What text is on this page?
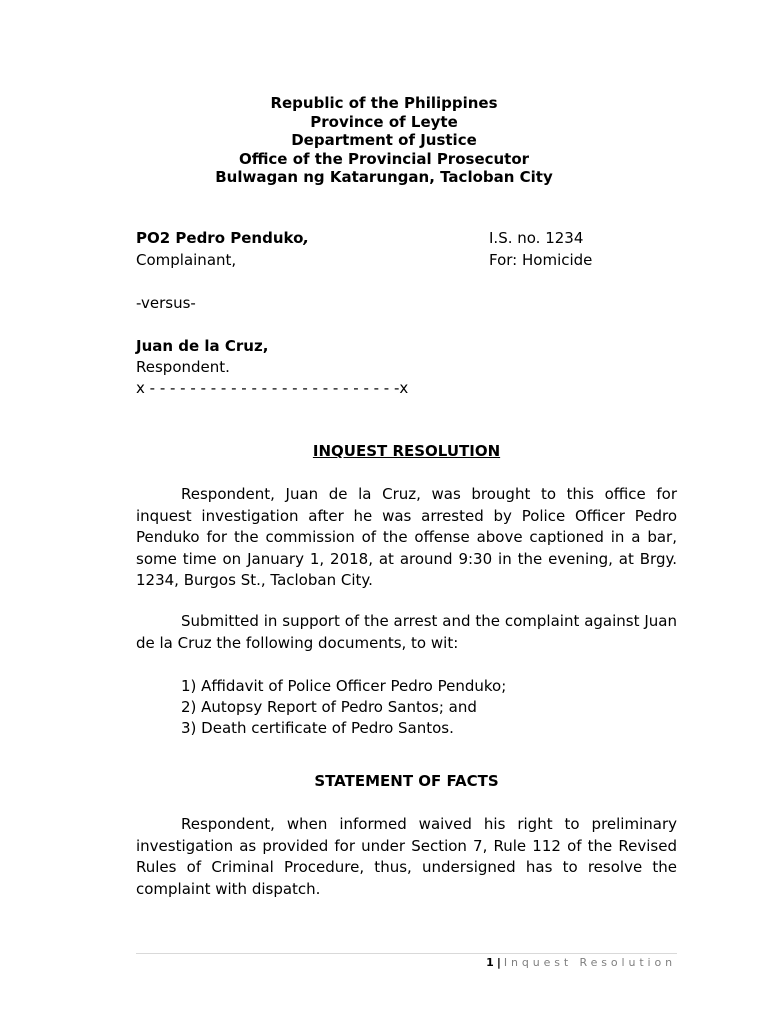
Republic of the Philippines
Province of Leyte
Department of Justice
Office of the Provincial Prosecutor
Bulwagan ng Katarungan, Tacloban City
PO2 Pedro Penduko,
Complainant,
I.S. no. 1234
For: Homicide
-versus-
Juan de la Cruz,
Respondent.
x - - - - - - - - - - - - - - - - - - - - - - - - -x
INQUEST RESOLUTION
Respondent, Juan de la Cruz, was brought to this office for inquest investigation after he was arrested by Police Officer Pedro Penduko for the commission of the offense above captioned in a bar, some time on January 1, 2018, at around 9:30 in the evening, at Brgy. 1234, Burgos St., Tacloban City.
Submitted in support of the arrest and the complaint against Juan de la Cruz the following documents, to wit:
1) Affidavit of Police Officer Pedro Penduko;
2) Autopsy Report of Pedro Santos; and
3) Death certificate of Pedro Santos.
STATEMENT OF FACTS
Respondent, when informed waived his right to preliminary investigation as provided for under Section 7, Rule 112 of the Revised Rules of Criminal Procedure, thus, undersigned has to resolve the complaint with dispatch.
1 | Inquest Resolution
